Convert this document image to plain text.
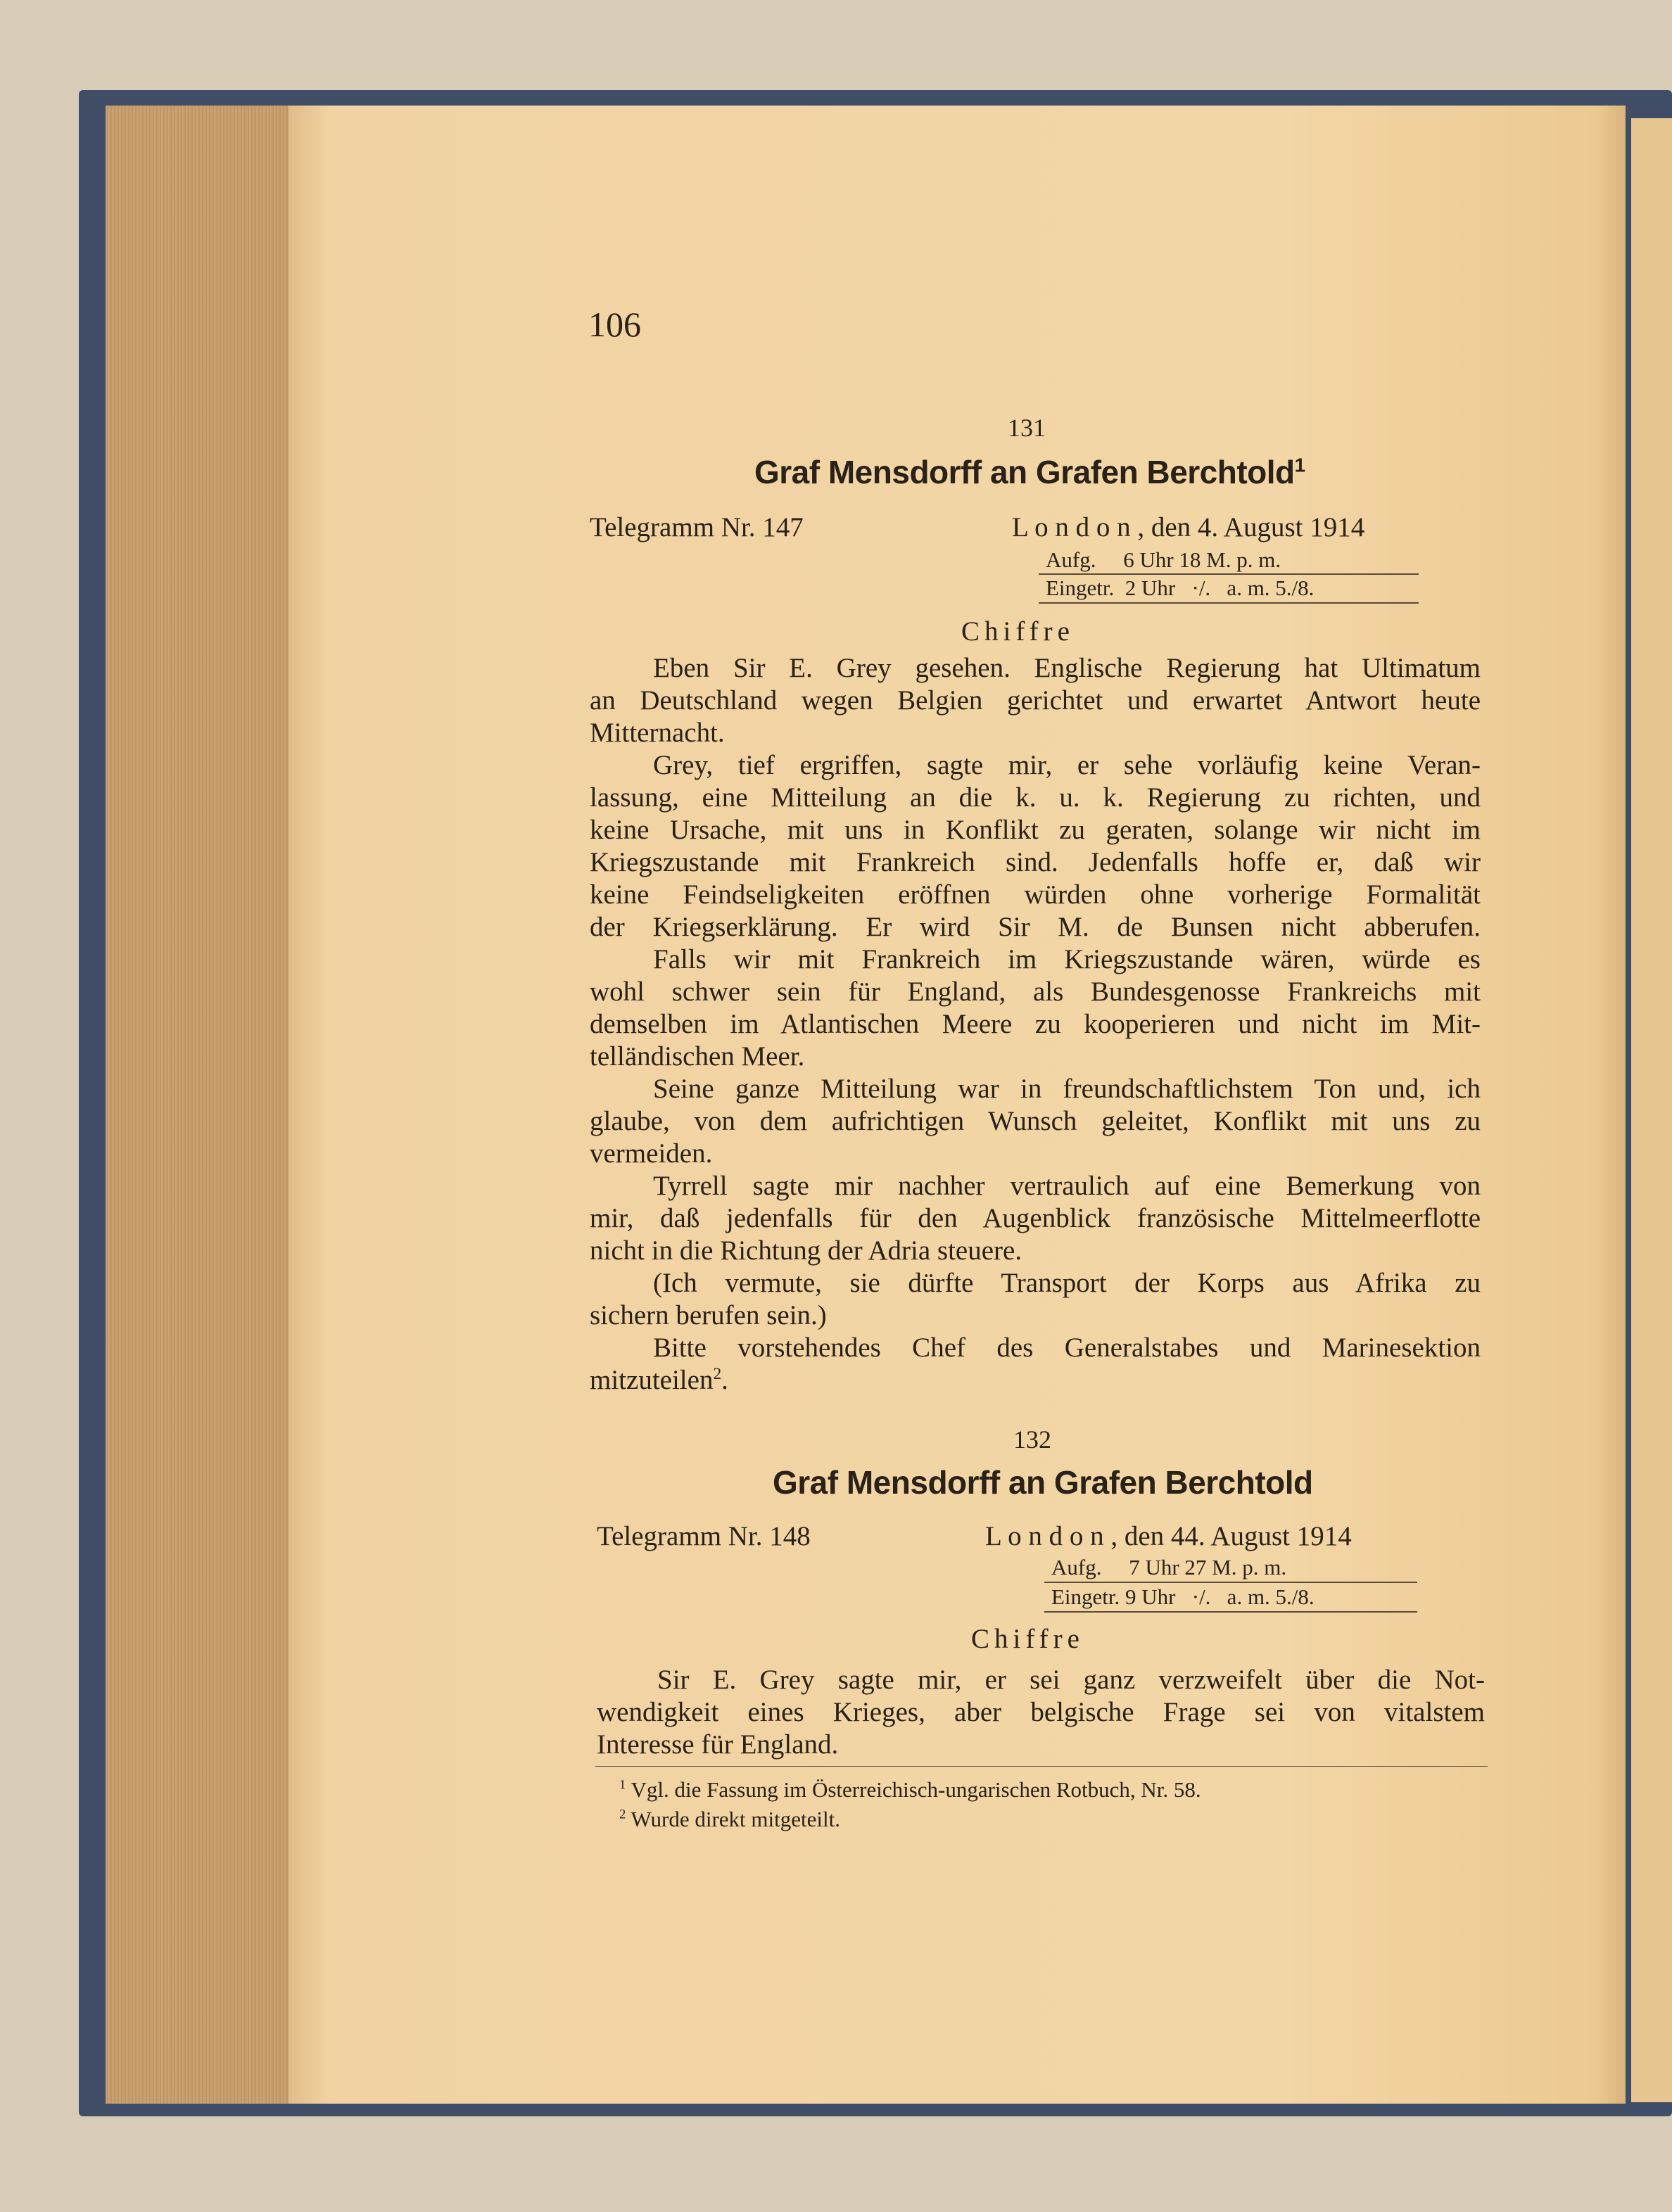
106
131
Graf Mensdorff an Grafen Berchtold$^1$
Telegramm Nr. 147	L o n d o n , den 4. August 1914
Aufg.     6 Uhr 18 M. p. m.
Eingetr.  2 Uhr   ·/.   a. m. 5./8.
Chiffre
Eben Sir E. Grey gesehen. Englische Regierung hat Ultimatum
an Deutschland wegen Belgien gerichtet und erwartet Antwort heute
Mitternacht.
Grey, tief ergriffen, sagte mir, er sehe vorläufig keine Veran-
lassung, eine Mitteilung an die k. u. k. Regierung zu richten, und
keine Ursache, mit uns in Konflikt zu geraten, solange wir nicht im
Kriegszustande mit Frankreich sind. Jedenfalls hoffe er, daß wir
keine Feindseligkeiten eröffnen würden ohne vorherige Formalität
der Kriegserklärung. Er wird Sir M. de Bunsen nicht abberufen.
Falls wir mit Frankreich im Kriegszustande wären, würde es
wohl schwer sein für England, als Bundesgenosse Frankreichs mit
demselben im Atlantischen Meere zu kooperieren und nicht im Mit-
telländischen Meer.
Seine ganze Mitteilung war in freundschaftlichstem Ton und, ich
glaube, von dem aufrichtigen Wunsch geleitet, Konflikt mit uns zu
vermeiden.
Tyrrell sagte mir nachher vertraulich auf eine Bemerkung von
mir, daß jedenfalls für den Augenblick französische Mittelmeerflotte
nicht in die Richtung der Adria steuere.
(Ich vermute, sie dürfte Transport der Korps aus Afrika zu
sichern berufen sein.)
Bitte vorstehendes Chef des Generalstabes und Marinesektion
mitzuteilen$^2$.
132
Graf Mensdorff an Grafen Berchtold
Telegramm Nr. 148	L o n d o n , den 44. August 1914
Aufg.     7 Uhr 27 M. p. m.
Eingetr. 9 Uhr   ·/.   a. m. 5./8.
Chiffre
Sir E. Grey sagte mir, er sei ganz verzweifelt über die Not-
wendigkeit eines Krieges, aber belgische Frage sei von vitalstem
Interesse für England.
$^1$ Vgl. die Fassung im Österreichisch-ungarischen Rotbuch, Nr. 58.
$^2$ Wurde direkt mitgeteilt.
